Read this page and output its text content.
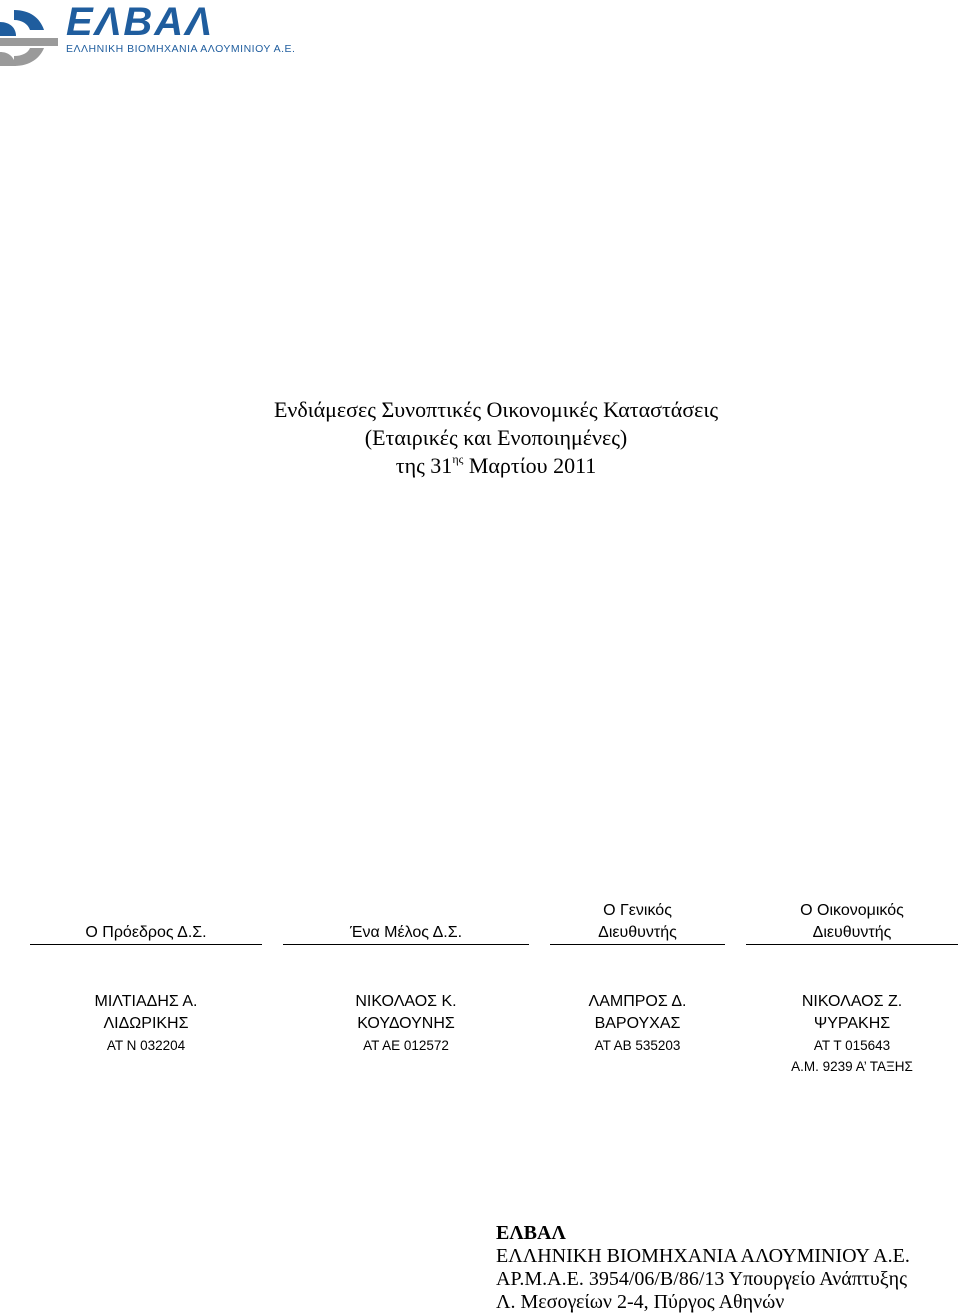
ΕΛΒΑΛ
ΕΛΛΗΝΙΚΗ ΒΙΟΜΗΧΑΝΙΑ ΑΛΟΥΜΙΝΙΟΥ Α.Ε.
Ενδιάμεσες Συνοπτικές Οικονομικές Καταστάσεις
(Εταιρικές και Ενοποιημένες)
της $31^{\eta\varsigma}$ Μαρτίου 2011
Ο Πρόεδρος Δ.Σ.
ΜΙΛΤΙΑΔΗΣ Α.
ΛΙΔΩΡΙΚΗΣ
ΑΤ Ν 032204
Ένα Μέλος Δ.Σ.
ΝΙΚΟΛΑΟΣ Κ.
ΚΟΥΔΟΥΝΗΣ
ΑΤ ΑΕ 012572
Ο Γενικός
Διευθυντής
ΛΑΜΠΡΟΣ Δ.
ΒΑΡΟΥΧΑΣ
ΑΤ ΑΒ 535203
Ο Οικονομικός
Διευθυντής
ΝΙΚΟΛΑΟΣ Ζ.
ΨΥΡΑΚΗΣ
ΑΤ Τ 015643
Α.Μ. 9239 Α’ ΤΑΞΗΣ
ΕΛΒΑΛ
ΕΛΛΗΝΙΚΗ ΒΙΟΜΗΧΑΝΙΑ ΑΛΟΥΜΙΝΙΟΥ Α.Ε.
ΑΡ.Μ.Α.Ε. 3954/06/Β/86/13 Υπουργείο Ανάπτυξης
Λ. Μεσογείων 2-4, Πύργος Αθηνών
